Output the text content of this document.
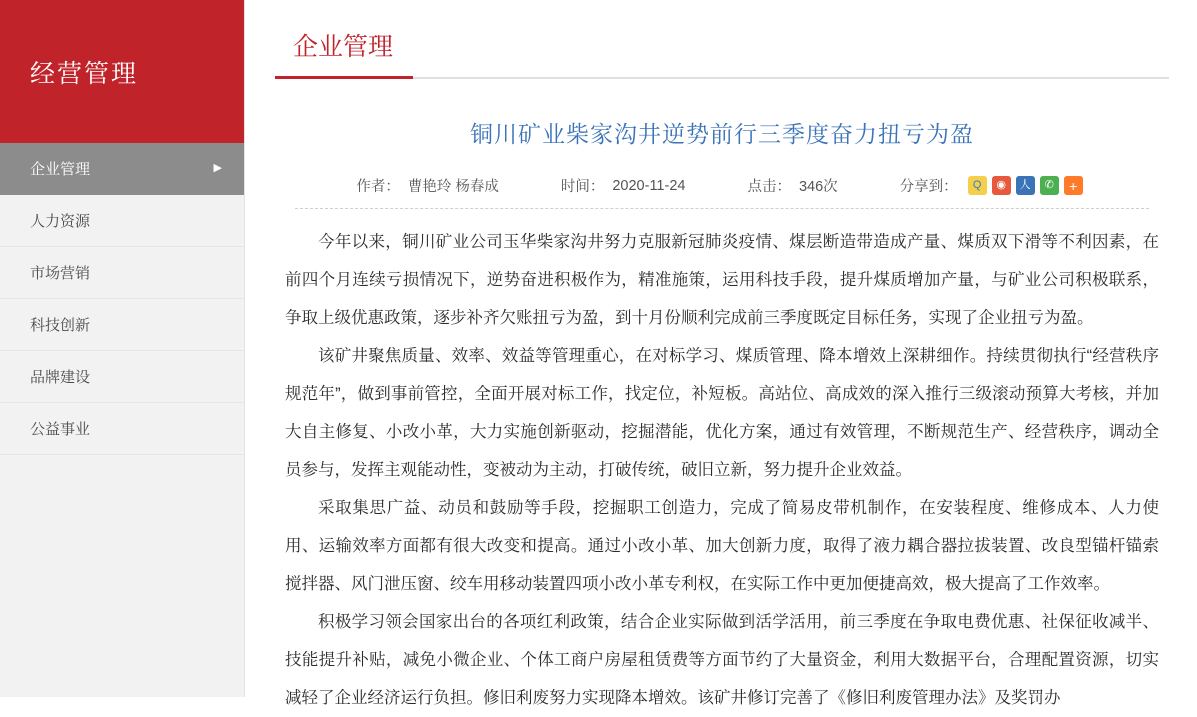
经营管理
企业管理	▶
人力资源
市场营销
科技创新
品牌建设
公益事业
企业管理
铜川矿业柴家沟井逆势前行三季度奋力扭亏为盈
作者： 曹艳玲 杨春成	时间： 2020-11-24	点击： 346次	分享到：	Q	◉	人	✆	+

今年以来，铜川矿业公司玉华柴家沟井努力克服新冠肺炎疫情、煤层断造带造成产量、煤质双下滑等不利因素，在前四个月连续亏损情况下，逆势奋进积极作为，精准施策，运用科技手段，提升煤质增加产量，与矿业公司积极联系，争取上级优惠政策，逐步补齐欠账扭亏为盈，到十月份顺利完成前三季度既定目标任务，实现了企业扭亏为盈。

该矿井聚焦质量、效率、效益等管理重心，在对标学习、煤质管理、降本增效上深耕细作。持续贯彻执行“经营秩序规范年”，做到事前管控，全面开展对标工作，找定位，补短板。高站位、高成效的深入推行三级滚动预算大考核，并加大自主修复、小改小革，大力实施创新驱动，挖掘潜能，优化方案，通过有效管理，不断规范生产、经营秩序，调动全员参与，发挥主观能动性，变被动为主动，打破传统，破旧立新，努力提升企业效益。

采取集思广益、动员和鼓励等手段，挖掘职工创造力，完成了简易皮带机制作，在安装程度、维修成本、人力使用、运输效率方面都有很大改变和提高。通过小改小革、加大创新力度，取得了液力耦合器拉拔装置、改良型锚杆锚索搅拌器、风门泄压窗、绞车用移动装置四项小改小革专利权，在实际工作中更加便捷高效，极大提高了工作效率。

积极学习领会国家出台的各项红利政策，结合企业实际做到活学活用，前三季度在争取电费优惠、社保征收减半、技能提升补贴，减免小微企业、个体工商户房屋租赁费等方面节约了大量资金，利用大数据平台，合理配置资源，切实减轻了企业经济运行负担。修旧利废努力实现降本增效。该矿井修订完善了《修旧利废管理办法》及奖罚办
